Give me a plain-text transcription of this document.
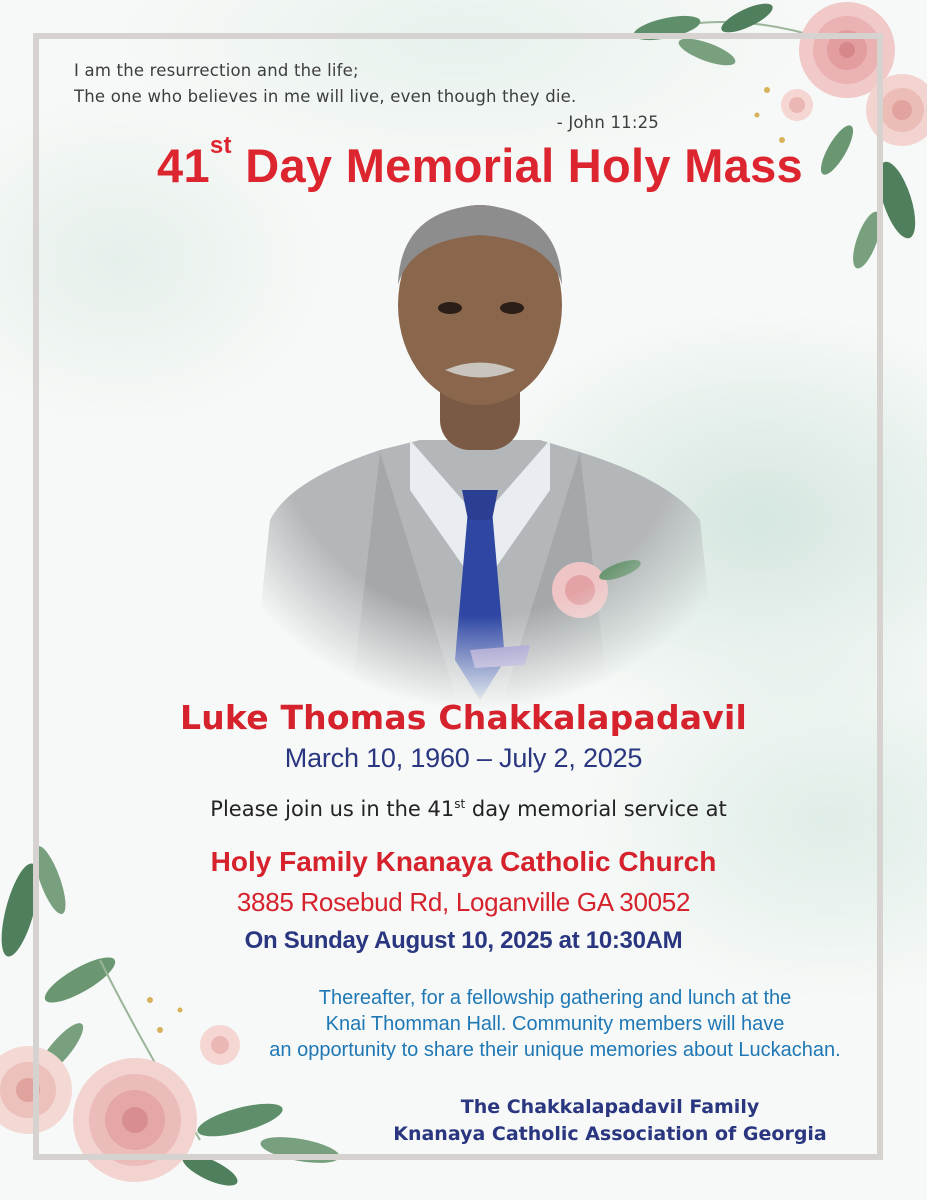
I am the resurrection and the life;
The one who believes in me will live, even though they die.
- John 11:25
41st Day Memorial Holy Mass
Luke Thomas Chakkalapadavil
March 10, 1960 – July 2, 2025
Please join us in the 41st day memorial service at
Holy Family Knanaya Catholic Church
3885 Rosebud Rd, Loganville GA 30052
On Sunday August 10, 2025 at 10:30AM
Thereafter, for a fellowship gathering and lunch at the
Knai Thomman Hall. Community members will have
an opportunity to share their unique memories about Luckachan.
The Chakkalapadavil Family
Knanaya Catholic Association of Georgia
